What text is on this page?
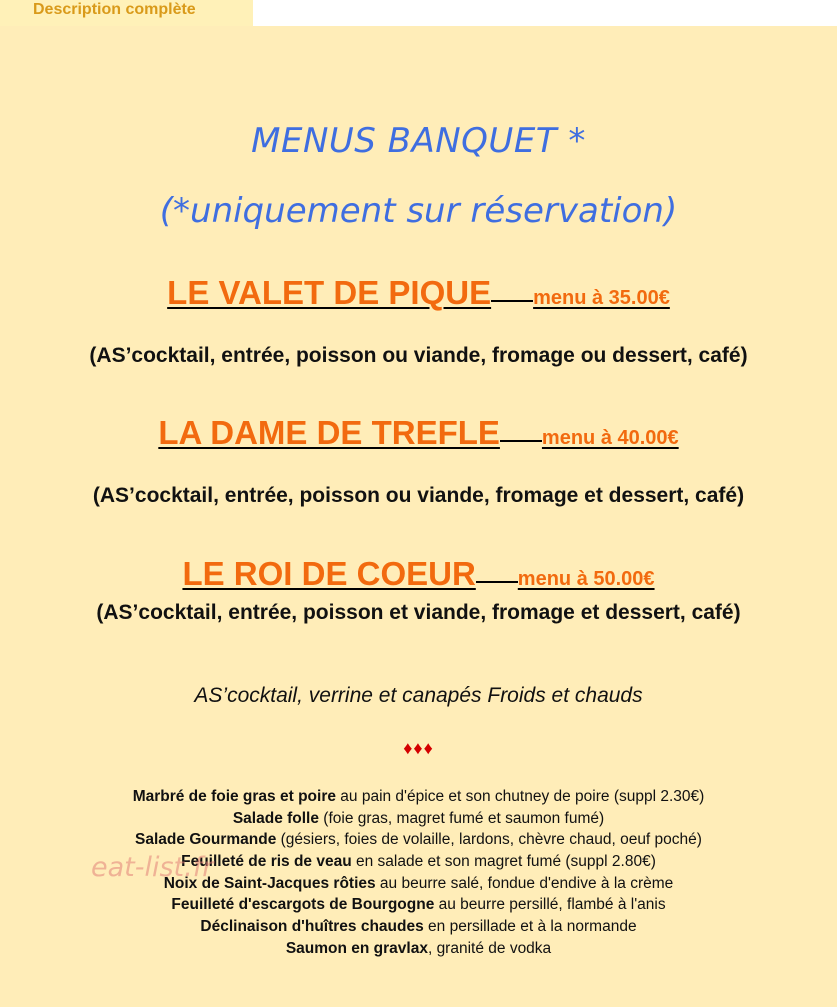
Description complète
MENUS BANQUET *
(*uniquement sur réservation)
LE VALET DE PIQUE menu à 35.00€
(AS’cocktail, entrée, poisson ou viande, fromage ou dessert, café)
LA DAME DE TREFLE menu à 40.00€
(AS’cocktail, entrée, poisson ou viande, fromage et dessert, café)
LE ROI DE COEUR menu à 50.00€
(AS’cocktail, entrée, poisson et viande, fromage et dessert, café)
AS’cocktail, verrine et canapés Froids et chauds
♦♦♦
Marbré de foie gras et poire au pain d'épice et son chutney de poire (suppl 2.30€)
Salade folle (foie gras, magret fumé et saumon fumé)
Salade Gourmande (gésiers, foies de volaille, lardons, chèvre chaud, oeuf poché)
Feuilleté de ris de veau en salade et son magret fumé (suppl 2.80€)
Noix de Saint-Jacques rôties au beurre salé, fondue d'endive à la crème
Feuilleté d'escargots de Bourgogne au beurre persillé, flambé à l'anis
Déclinaison d'huîtres chaudes en persillade et à la normande
Saumon en gravlax, granité de vodka
eat-list.fr
